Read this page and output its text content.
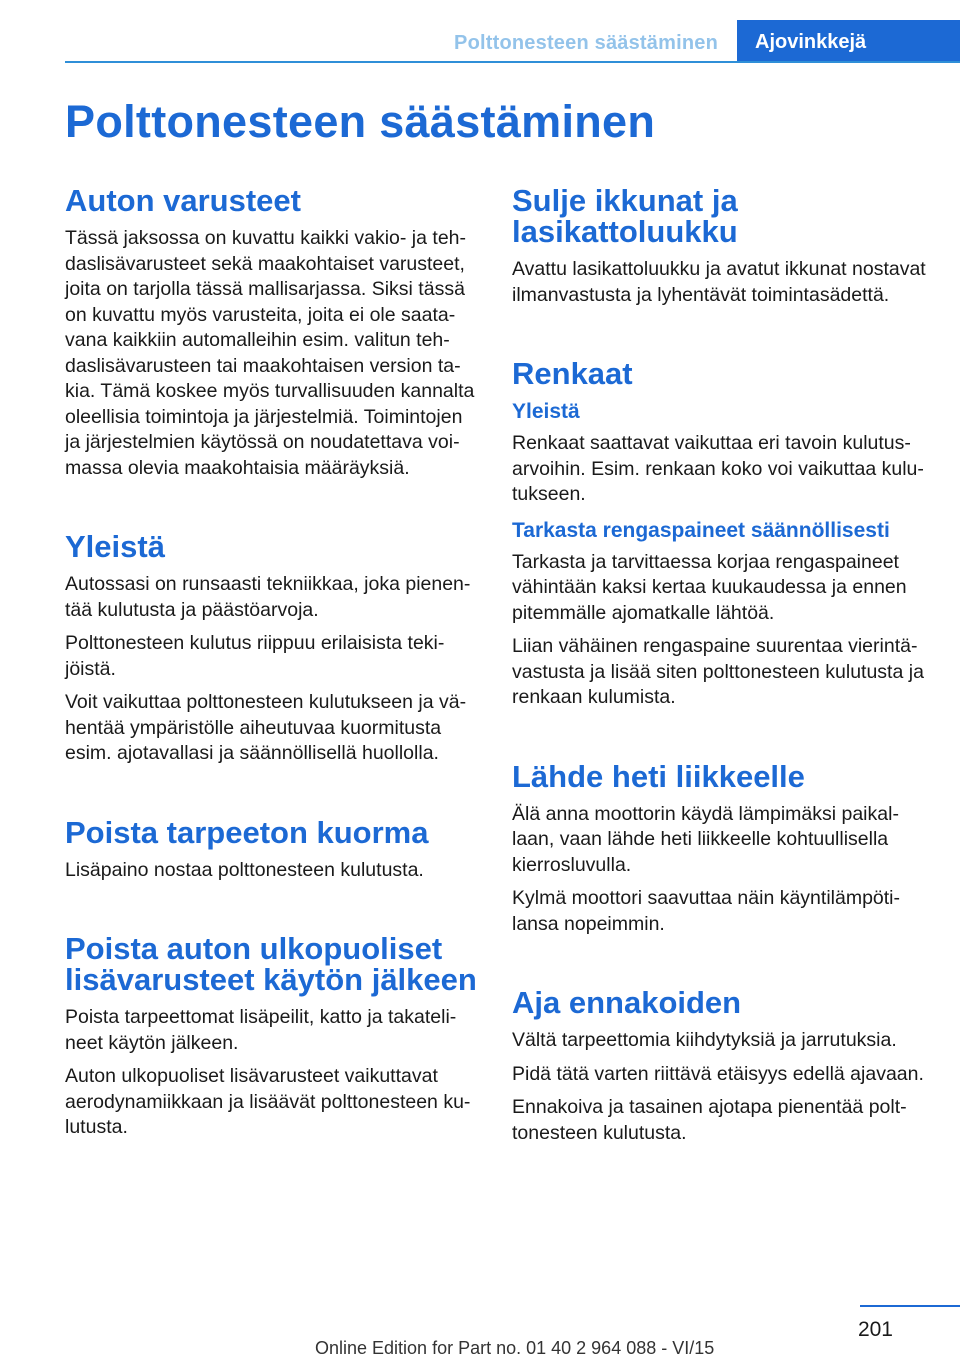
Polttonesteen säästäminen	Ajovinkkejä
Polttonesteen säästäminen
Auton varusteet

Tässä jaksossa on kuvattu kaikki vakio- ja tehdaslisävarusteet sekä maakohtaiset varusteet, joita on tarjolla tässä mallisarjassa. Siksi tässä on kuvattu myös varusteita, joita ei ole saatavana kaikkiin automalleihin esim. valitun tehdaslisävarusteen tai maakohtaisen version takia. Tämä koskee myös turvallisuuden kannalta oleellisia toimintoja ja järjestelmiä. Toimintojen ja järjestelmien käytössä on noudatettava voimassa olevia maakohtaisia määräyksiä.

Yleistä

Autossasi on runsaasti tekniikkaa, joka pienentää kulutusta ja päästöarvoja.

Polttonesteen kulutus riippuu erilaisista tekijöistä.

Voit vaikuttaa polttonesteen kulutukseen ja vähentää ympäristölle aiheutuvaa kuormitusta esim. ajotavallasi ja säännöllisellä huollolla.

Poista tarpeeton kuorma

Lisäpaino nostaa polttonesteen kulutusta.

Poista auton ulkopuoliset lisävarusteet käytön jälkeen

Poista tarpeettomat lisäpeilit, katto ja takatelineet käytön jälkeen.

Auton ulkopuoliset lisävarusteet vaikuttavat aerodynamiikkaan ja lisäävät polttonesteen kulutusta.

Sulje ikkunat ja lasikattoluukku

Avattu lasikattoluukku ja avatut ikkunat nostavat ilmanvastusta ja lyhentävät toimintasädettä.

Renkaat
Yleistä

Renkaat saattavat vaikuttaa eri tavoin kulutusarvoihin. Esim. renkaan koko voi vaikuttaa kulutukseen.

Tarkasta rengaspaineet säännöllisesti

Tarkasta ja tarvittaessa korjaa rengaspaineet vähintään kaksi kertaa kuukaudessa ja ennen pitemmälle ajomatkalle lähtöä.

Liian vähäinen rengaspaine suurentaa vierintävastusta ja lisää siten polttonesteen kulutusta ja renkaan kulumista.

Lähde heti liikkeelle

Älä anna moottorin käydä lämpimäksi paikallaan, vaan lähde heti liikkeelle kohtuullisella kierrosluvulla.

Kylmä moottori saavuttaa näin käyntilämpötilansa nopeimmin.

Aja ennakoiden

Vältä tarpeettomia kiihdytyksiä ja jarrutuksia.

Pidä tätä varten riittävä etäisyys edellä ajavaan.

Ennakoiva ja tasainen ajotapa pienentää polttonesteen kulutusta.

201
Online Edition for Part no. 01 40 2 964 088 - VI/15
